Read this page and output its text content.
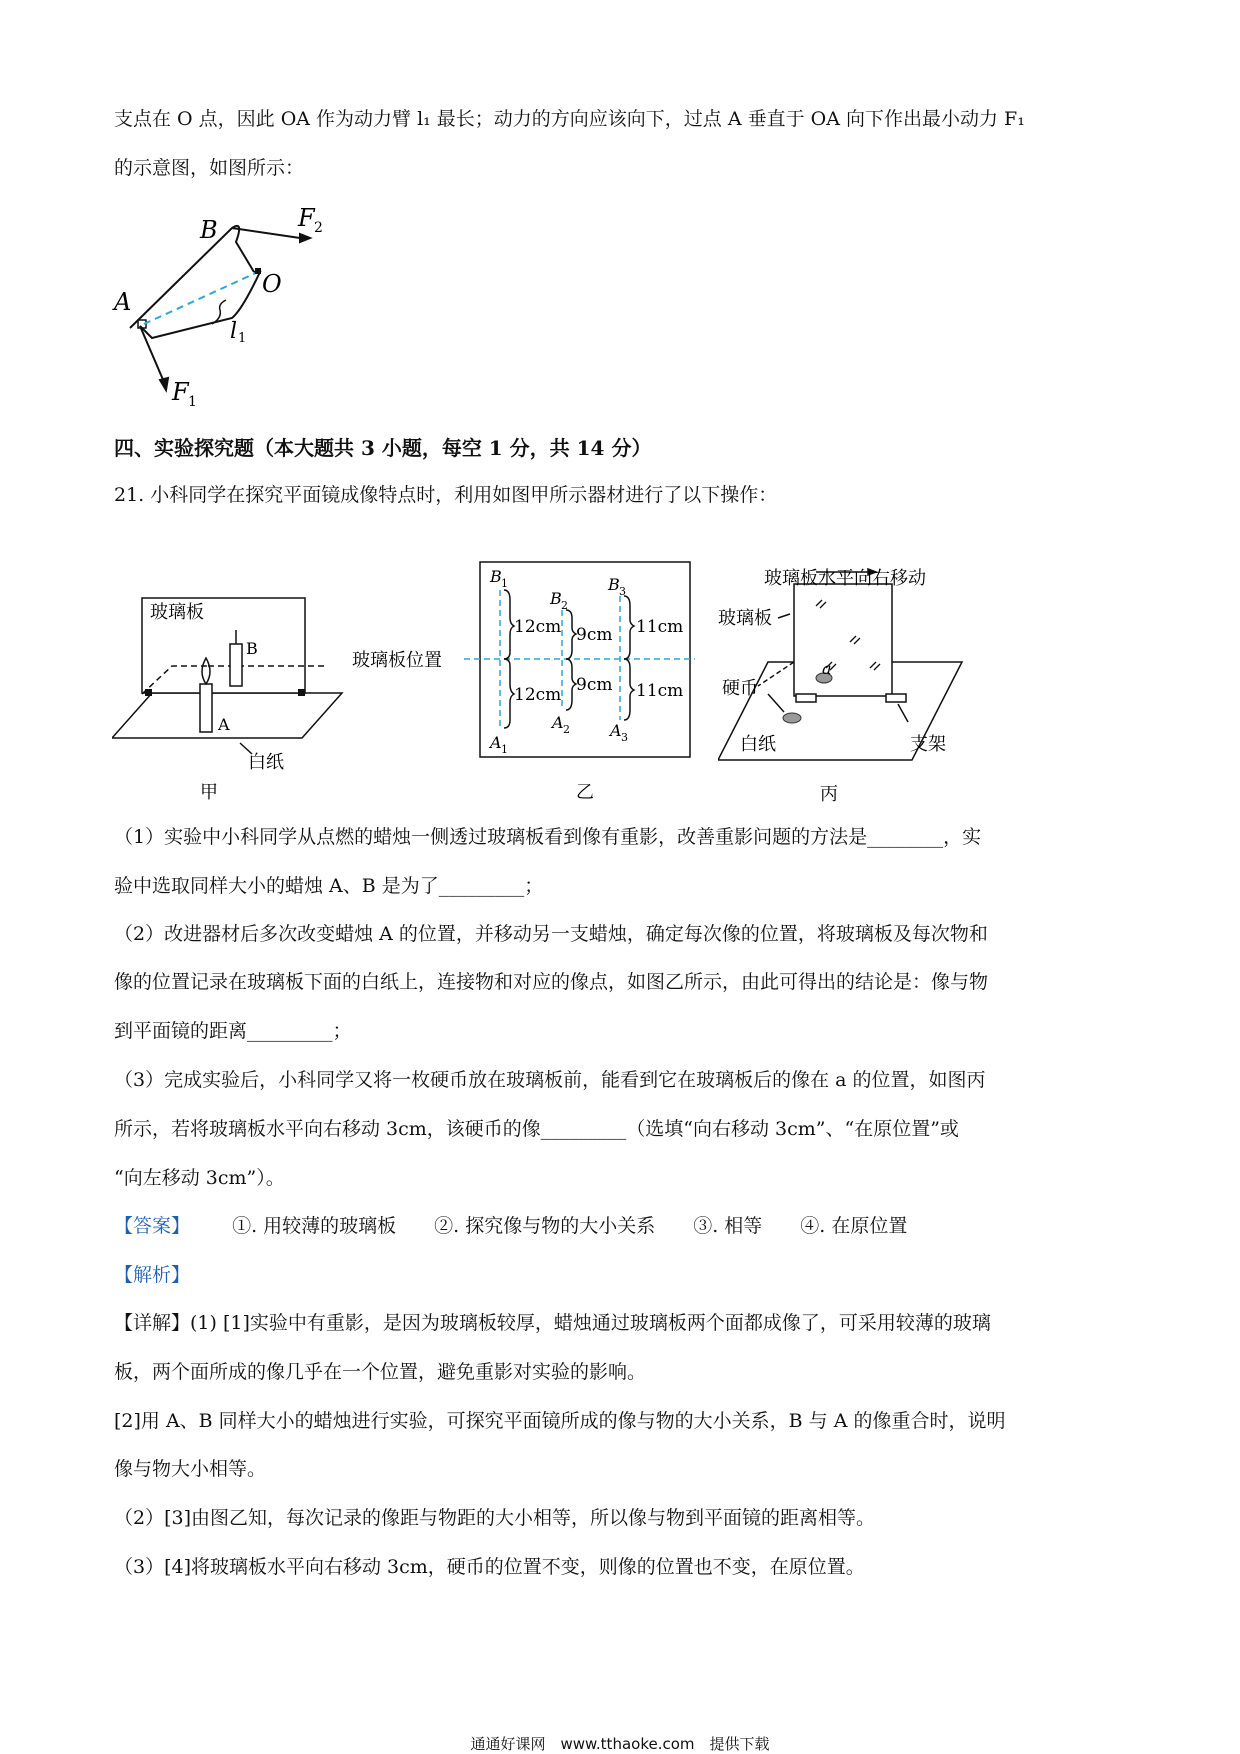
支点在 O 点，因此 OA 作为动力臂 l₁ 最长；动力的方向应该向下，过点 A 垂直于 OA 向下作出最小动力 F₁
的示意图，如图所示：
B	F 2
O
A
l 1
F 1
四、实验探究题（本大题共 3 小题，每空 1 分，共 14 分）
21. 小科同学在探究平面镜成像特点时，利用如图甲所示器材进行了以下操作：
玻璃板
B
A
白纸
甲
玻璃板位置
B 1
B 2
B 3
A 1
A 2	A 3
12cm
12cm
9cm
9cm
11cm
11cm
乙
玻璃板水平向右移动
玻璃板
a
硬币
白纸	支架
丙
（1）实验中小科同学从点燃的蜡烛一侧透过玻璃板看到像有重影，改善重影问题的方法是________，实
验中选取同样大小的蜡烛 A、B 是为了_________；
（2）改进器材后多次改变蜡烛 A 的位置，并移动另一支蜡烛，确定每次像的位置，将玻璃板及每次物和
像的位置记录在玻璃板下面的白纸上，连接物和对应的像点，如图乙所示，由此可得出的结论是：像与物
到平面镜的距离_________；
（3）完成实验后，小科同学又将一枚硬币放在玻璃板前，能看到它在玻璃板后的像在 a 的位置，如图丙
所示，若将玻璃板水平向右移动 3cm，该硬币的像_________（选填“向右移动 3cm”、“在原位置”或
“向左移动 3cm”）。
【答案】 ①. 用较薄的玻璃板　　②. 探究像与物的大小关系　　③. 相等　　④. 在原位置
【解析】
【详解】(1) [1]实验中有重影，是因为玻璃板较厚，蜡烛通过玻璃板两个面都成像了，可采用较薄的玻璃
板，两个面所成的像几乎在一个位置，避免重影对实验的影响。
[2]用 A、B 同样大小的蜡烛进行实验，可探究平面镜所成的像与物的大小关系，B 与 A 的像重合时，说明
像与物大小相等。
（2）[3]由图乙知，每次记录的像距与物距的大小相等，所以像与物到平面镜的距离相等。
（3）[4]将玻璃板水平向右移动 3cm，硬币的位置不变，则像的位置也不变，在原位置。
通通好课网　www.tthaoke.com　提供下载
